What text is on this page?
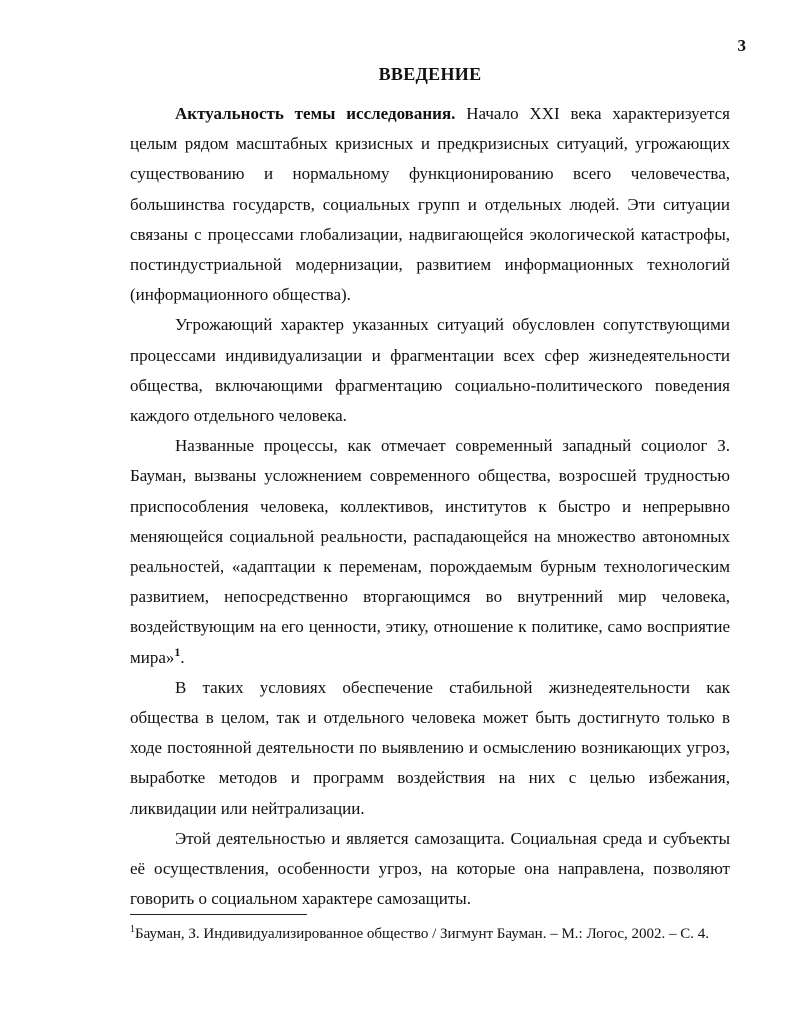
3
ВВЕДЕНИЕ

Актуальность темы исследования. Начало XXI века характеризуется целым рядом масштабных кризисных и предкризисных ситуаций, угрожающих существованию и нормальному функционированию всего человечества, большинства государств, социальных групп и отдельных людей. Эти ситуации связаны с процессами глобализации, надвигающейся экологической катастрофы, постиндустриальной модернизации, развитием информационных технологий (информационного общества).

Угрожающий характер указанных ситуаций обусловлен сопутствующими процессами индивидуализации и фрагментации всех сфер жизнедеятельности общества, включающими фрагментацию социально-политического поведения каждого отдельного человека.

Названные процессы, как отмечает современный западный социолог З. Бауман, вызваны усложнением современного общества, возросшей трудностью приспособления человека, коллективов, институтов к быстро и непрерывно меняющейся социальной реальности, распадающейся на множество автономных реальностей, «адаптации к переменам, порождаемым бурным технологическим развитием, непосредственно вторгающимся во внутренний мир человека, воздействующим на его ценности, этику, отношение к политике, само восприятие мира»$^1$.

В таких условиях обеспечение стабильной жизнедеятельности как общества в целом, так и отдельного человека может быть достигнуто только в ходе постоянной деятельности по выявлению и осмыслению возникающих угроз, выработке методов и программ воздействия на них с целью избежания, ликвидации или нейтрализации.

Этой деятельностью и является самозащита. Социальная среда и субъекты её осуществления, особенности угроз, на которые она направлена, позволяют говорить о социальном характере самозащиты.

$^1$Бауман, З. Индивидуализированное общество / Зигмунт Бауман. – М.: Логос, 2002. – С. 4.
